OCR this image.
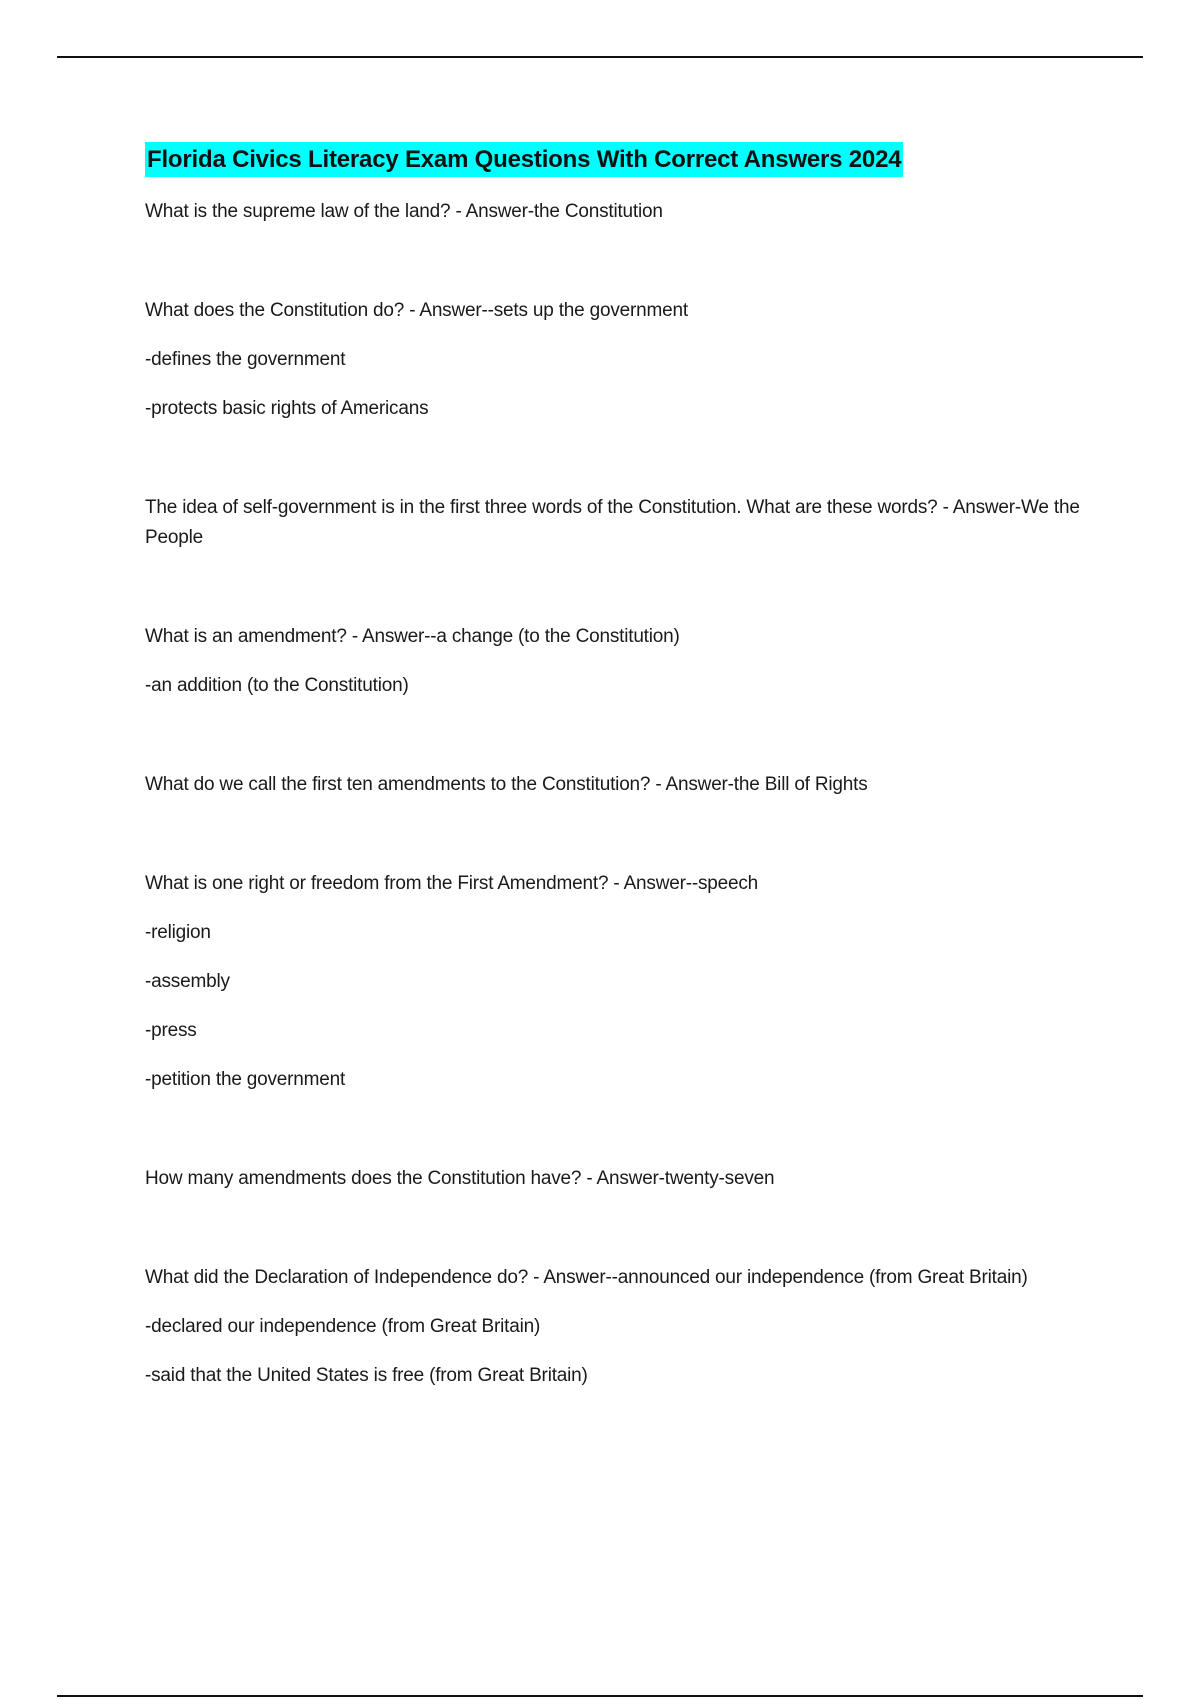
Florida Civics Literacy Exam Questions With Correct Answers 2024

What is the supreme law of the land? - Answer-the Constitution

What does the Constitution do? - Answer--sets up the government

-defines the government

-protects basic rights of Americans

The idea of self-government is in the first three words of the Constitution. What are these words? - Answer-We the People

What is an amendment? - Answer--a change (to the Constitution)

-an addition (to the Constitution)

What do we call the first ten amendments to the Constitution? - Answer-the Bill of Rights

What is one right or freedom from the First Amendment? - Answer--speech

-religion

-assembly

-press

-petition the government

How many amendments does the Constitution have? - Answer-twenty-seven

What did the Declaration of Independence do? - Answer--announced our independence (from Great Britain)

-declared our independence (from Great Britain)

-said that the United States is free (from Great Britain)
